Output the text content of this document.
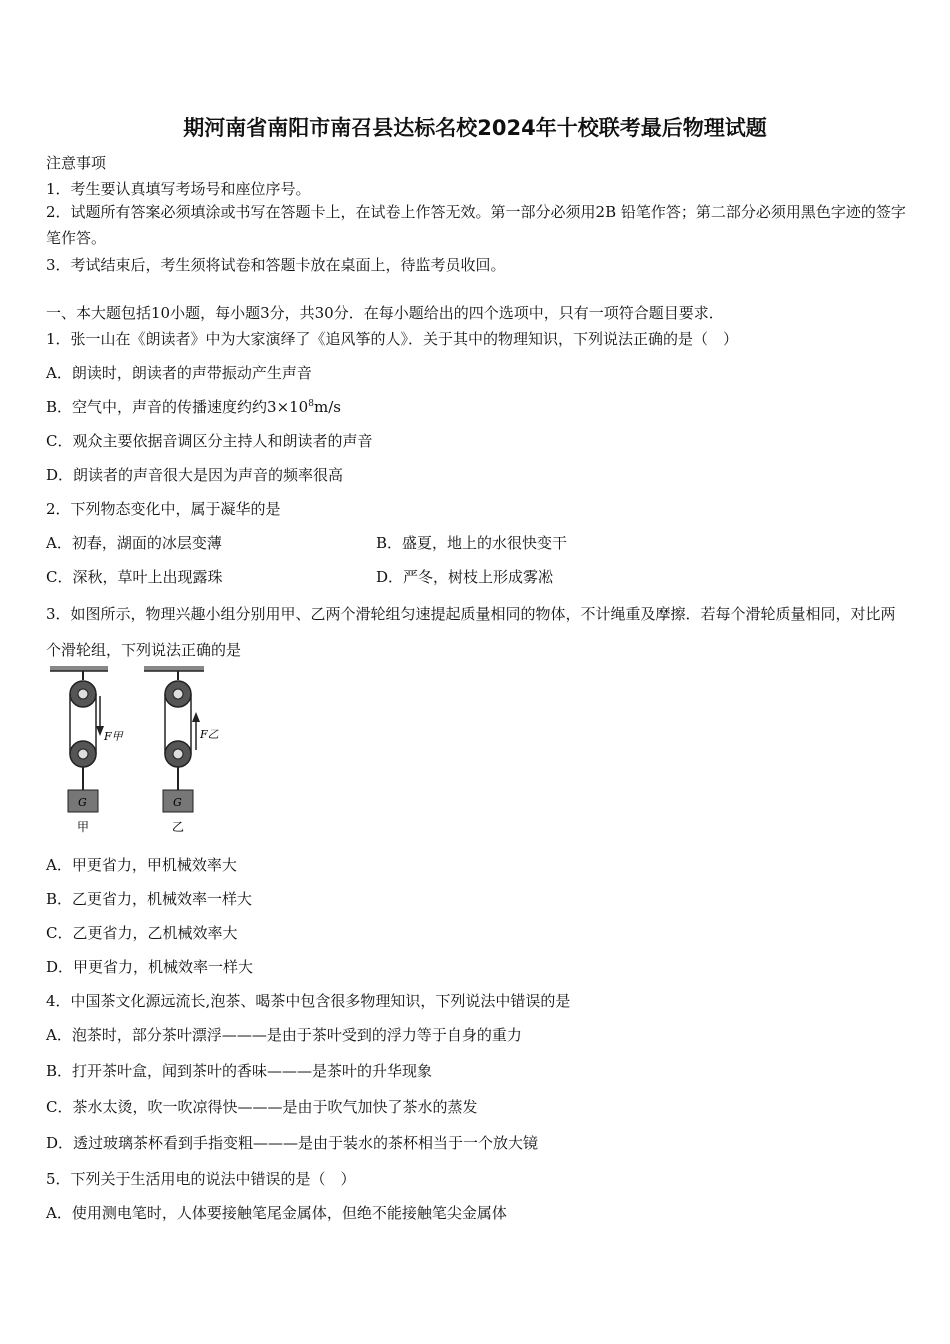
期河南省南阳市南召县达标名校2024年十校联考最后物理试题
注意事项
1．考生要认真填写考场号和座位序号。
2．试题所有答案必须填涂或书写在答题卡上，在试卷上作答无效。第一部分必须用2B 铅笔作答；第二部分必须用黑色字迹的签字笔作答。
3．考试结束后，考生须将试卷和答题卡放在桌面上，待监考员收回。
一、本大题包括10小题，每小题3分，共30分．在每小题给出的四个选项中，只有一项符合题目要求．
1．张一山在《朗读者》中为大家演绎了《追风筝的人》．关于其中的物理知识，下列说法正确的是（　）
A．朗读时，朗读者的声带振动产生声音
B．空气中，声音的传播速度约约$3\times 10^8m/s$
C．观众主要依据音调区分主持人和朗读者的声音
D．朗读者的声音很大是因为声音的频率很高
2．下列物态变化中，属于凝华的是
A．初春，湖面的冰层变薄	B．盛夏，地上的水很快变干
C．深秋，草叶上出现露珠	D．严冬，树枝上形成雾凇
3．如图所示，物理兴趣小组分别用甲、乙两个滑轮组匀速提起质量相同的物体，不计绳重及摩擦．若每个滑轮质量相同，对比两个滑轮组，下列说法正确的是
F甲	F乙
G	G
甲	乙
A．甲更省力，甲机械效率大
B．乙更省力，机械效率一样大
C．乙更省力，乙机械效率大
D．甲更省力，机械效率一样大
4．中国茶文化源远流长,泡茶、喝茶中包含很多物理知识，下列说法中错误的是
A．泡茶时，部分茶叶漂浮———是由于茶叶受到的浮力等于自身的重力
B．打开茶叶盒，闻到茶叶的香味———是茶叶的升华现象
C．茶水太烫，吹一吹凉得快———是由于吹气加快了茶水的蒸发
D．透过玻璃茶杯看到手指变粗———是由于装水的茶杯相当于一个放大镜
5．下列关于生活用电的说法中错误的是（　）
A．使用测电笔时，人体要接触笔尾金属体，但绝不能接触笔尖金属体
